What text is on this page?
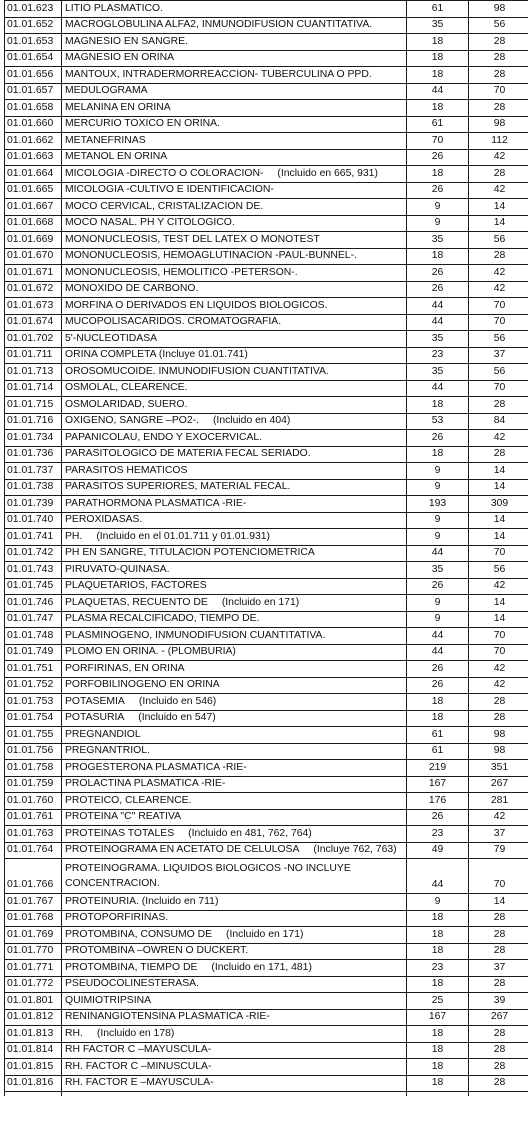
01.01.623	LITIO PLASMATICO.	61	98
01.01.652	MACROGLOBULINA ALFA2, INMUNODIFUSION CUANTITATIVA.	35	56
01.01.653	MAGNESIO EN SANGRE.	18	28
01.01.654	MAGNESIO EN ORINA	18	28
01.01.656	MANTOUX, INTRADERMORREACCION- TUBERCULINA O PPD.	18	28
01.01.657	MEDULOGRAMA	44	70
01.01.658	MELANINA EN ORINA	18	28
01.01.660	MERCURIO TOXICO EN ORINA.	61	98
01.01.662	METANEFRINAS	70	112
01.01.663	METANOL EN ORINA	26	42
01.01.664	MICOLOGIA -DIRECTO O COLORACION- (Incluido en 665, 931)	18	28
01.01.665	MICOLOGIA -CULTIVO E IDENTIFICACION-	26	42
01.01.667	MOCO CERVICAL, CRISTALIZACION DE.	9	14
01.01.668	MOCO NASAL. PH Y CITOLOGICO.	9	14
01.01.669	MONONUCLEOSIS, TEST DEL LATEX O MONOTEST	35	56
01.01.670	MONONUCLEOSIS, HEMOAGLUTINACION -PAUL-BUNNEL-.	18	28
01.01.671	MONONUCLEOSIS, HEMOLITICO -PETERSON-.	26	42
01.01.672	MONOXIDO DE CARBONO.	26	42
01.01.673	MORFINA O DERIVADOS EN LIQUIDOS BIOLOGICOS.	44	70
01.01.674	MUCOPOLISACARIDOS. CROMATOGRAFIA.	44	70
01.01.702	5'-NUCLEOTIDASA	35	56
01.01.711	ORINA COMPLETA (Incluye 01.01.741)	23	37
01.01.713	OROSOMUCOIDE. INMUNODIFUSION CUANTITATIVA.	35	56
01.01.714	OSMOLAL, CLEARENCE.	44	70
01.01.715	OSMOLARIDAD, SUERO.	18	28
01.01.716	OXIGENO, SANGRE –PO2-. (Incluido en 404)	53	84
01.01.734	PAPANICOLAU, ENDO Y EXOCERVICAL.	26	42
01.01.736	PARASITOLOGICO DE MATERIA FECAL SERIADO.	18	28
01.01.737	PARASITOS HEMATICOS	9	14
01.01.738	PARASITOS SUPERIORES, MATERIAL FECAL.	9	14
01.01.739	PARATHORMONA PLASMATICA -RIE-	193	309
01.01.740	PEROXIDASAS.	9	14
01.01.741	PH. (Incluido en el 01.01.711 y 01.01.931)	9	14
01.01.742	PH EN SANGRE, TITULACION POTENCIOMETRICA	44	70
01.01.743	PIRUVATO-QUINASA.	35	56
01.01.745	PLAQUETARIOS, FACTORES	26	42
01.01.746	PLAQUETAS, RECUENTO DE (Incluido en 171)	9	14
01.01.747	PLASMA RECALCIFICADO, TIEMPO DE.	9	14
01.01.748	PLASMINOGENO, INMUNODIFUSION CUANTITATIVA.	44	70
01.01.749	PLOMO EN ORINA. - (PLOMBURIA)	44	70
01.01.751	PORFIRINAS, EN ORINA	26	42
01.01.752	PORFOBILINOGENO EN ORINA	26	42
01.01.753	POTASEMIA (Incluido en 546)	18	28
01.01.754	POTASURIA (Incluido en 547)	18	28
01.01.755	PREGNANDIOL	61	98
01.01.756	PREGNANTRIOL.	61	98
01.01.758	PROGESTERONA PLASMATICA -RIE-	219	351
01.01.759	PROLACTINA PLASMATICA -RIE-	167	267
01.01.760	PROTEICO, CLEARENCE.	176	281
01.01.761	PROTEINA "C" REATIVA	26	42
01.01.763	PROTEINAS TOTALES (Incluido en 481, 762, 764)	23	37
01.01.764	PROTEINOGRAMA EN ACETATO DE CELULOSA (Incluye 762, 763)	49	79
01.01.766	PROTEINOGRAMA. LIQUIDOS BIOLOGICOS -NO INCLUYE CONCENTRACION.	44	70
01.01.767	PROTEINURIA. (Incluido en 711)	9	14
01.01.768	PROTOPORFIRINAS.	18	28
01.01.769	PROTOMBINA, CONSUMO DE (Incluido en 171)	18	28
01.01.770	PROTOMBINA –OWREN O DUCKERT.	18	28
01.01.771	PROTOMBINA, TIEMPO DE (Incluido en 171, 481)	23	37
01.01.772	PSEUDOCOLINESTERASA.	18	28
01.01.801	QUIMIOTRIPSINA	25	39
01.01.812	RENINANGIOTENSINA PLASMATICA -RIE-	167	267
01.01.813	RH. (Incluido en 178)	18	28
01.01.814	RH FACTOR C –MAYUSCULA-	18	28
01.01.815	RH. FACTOR C –MINUSCULA-	18	28
01.01.816	RH. FACTOR E –MAYUSCULA-	18	28
